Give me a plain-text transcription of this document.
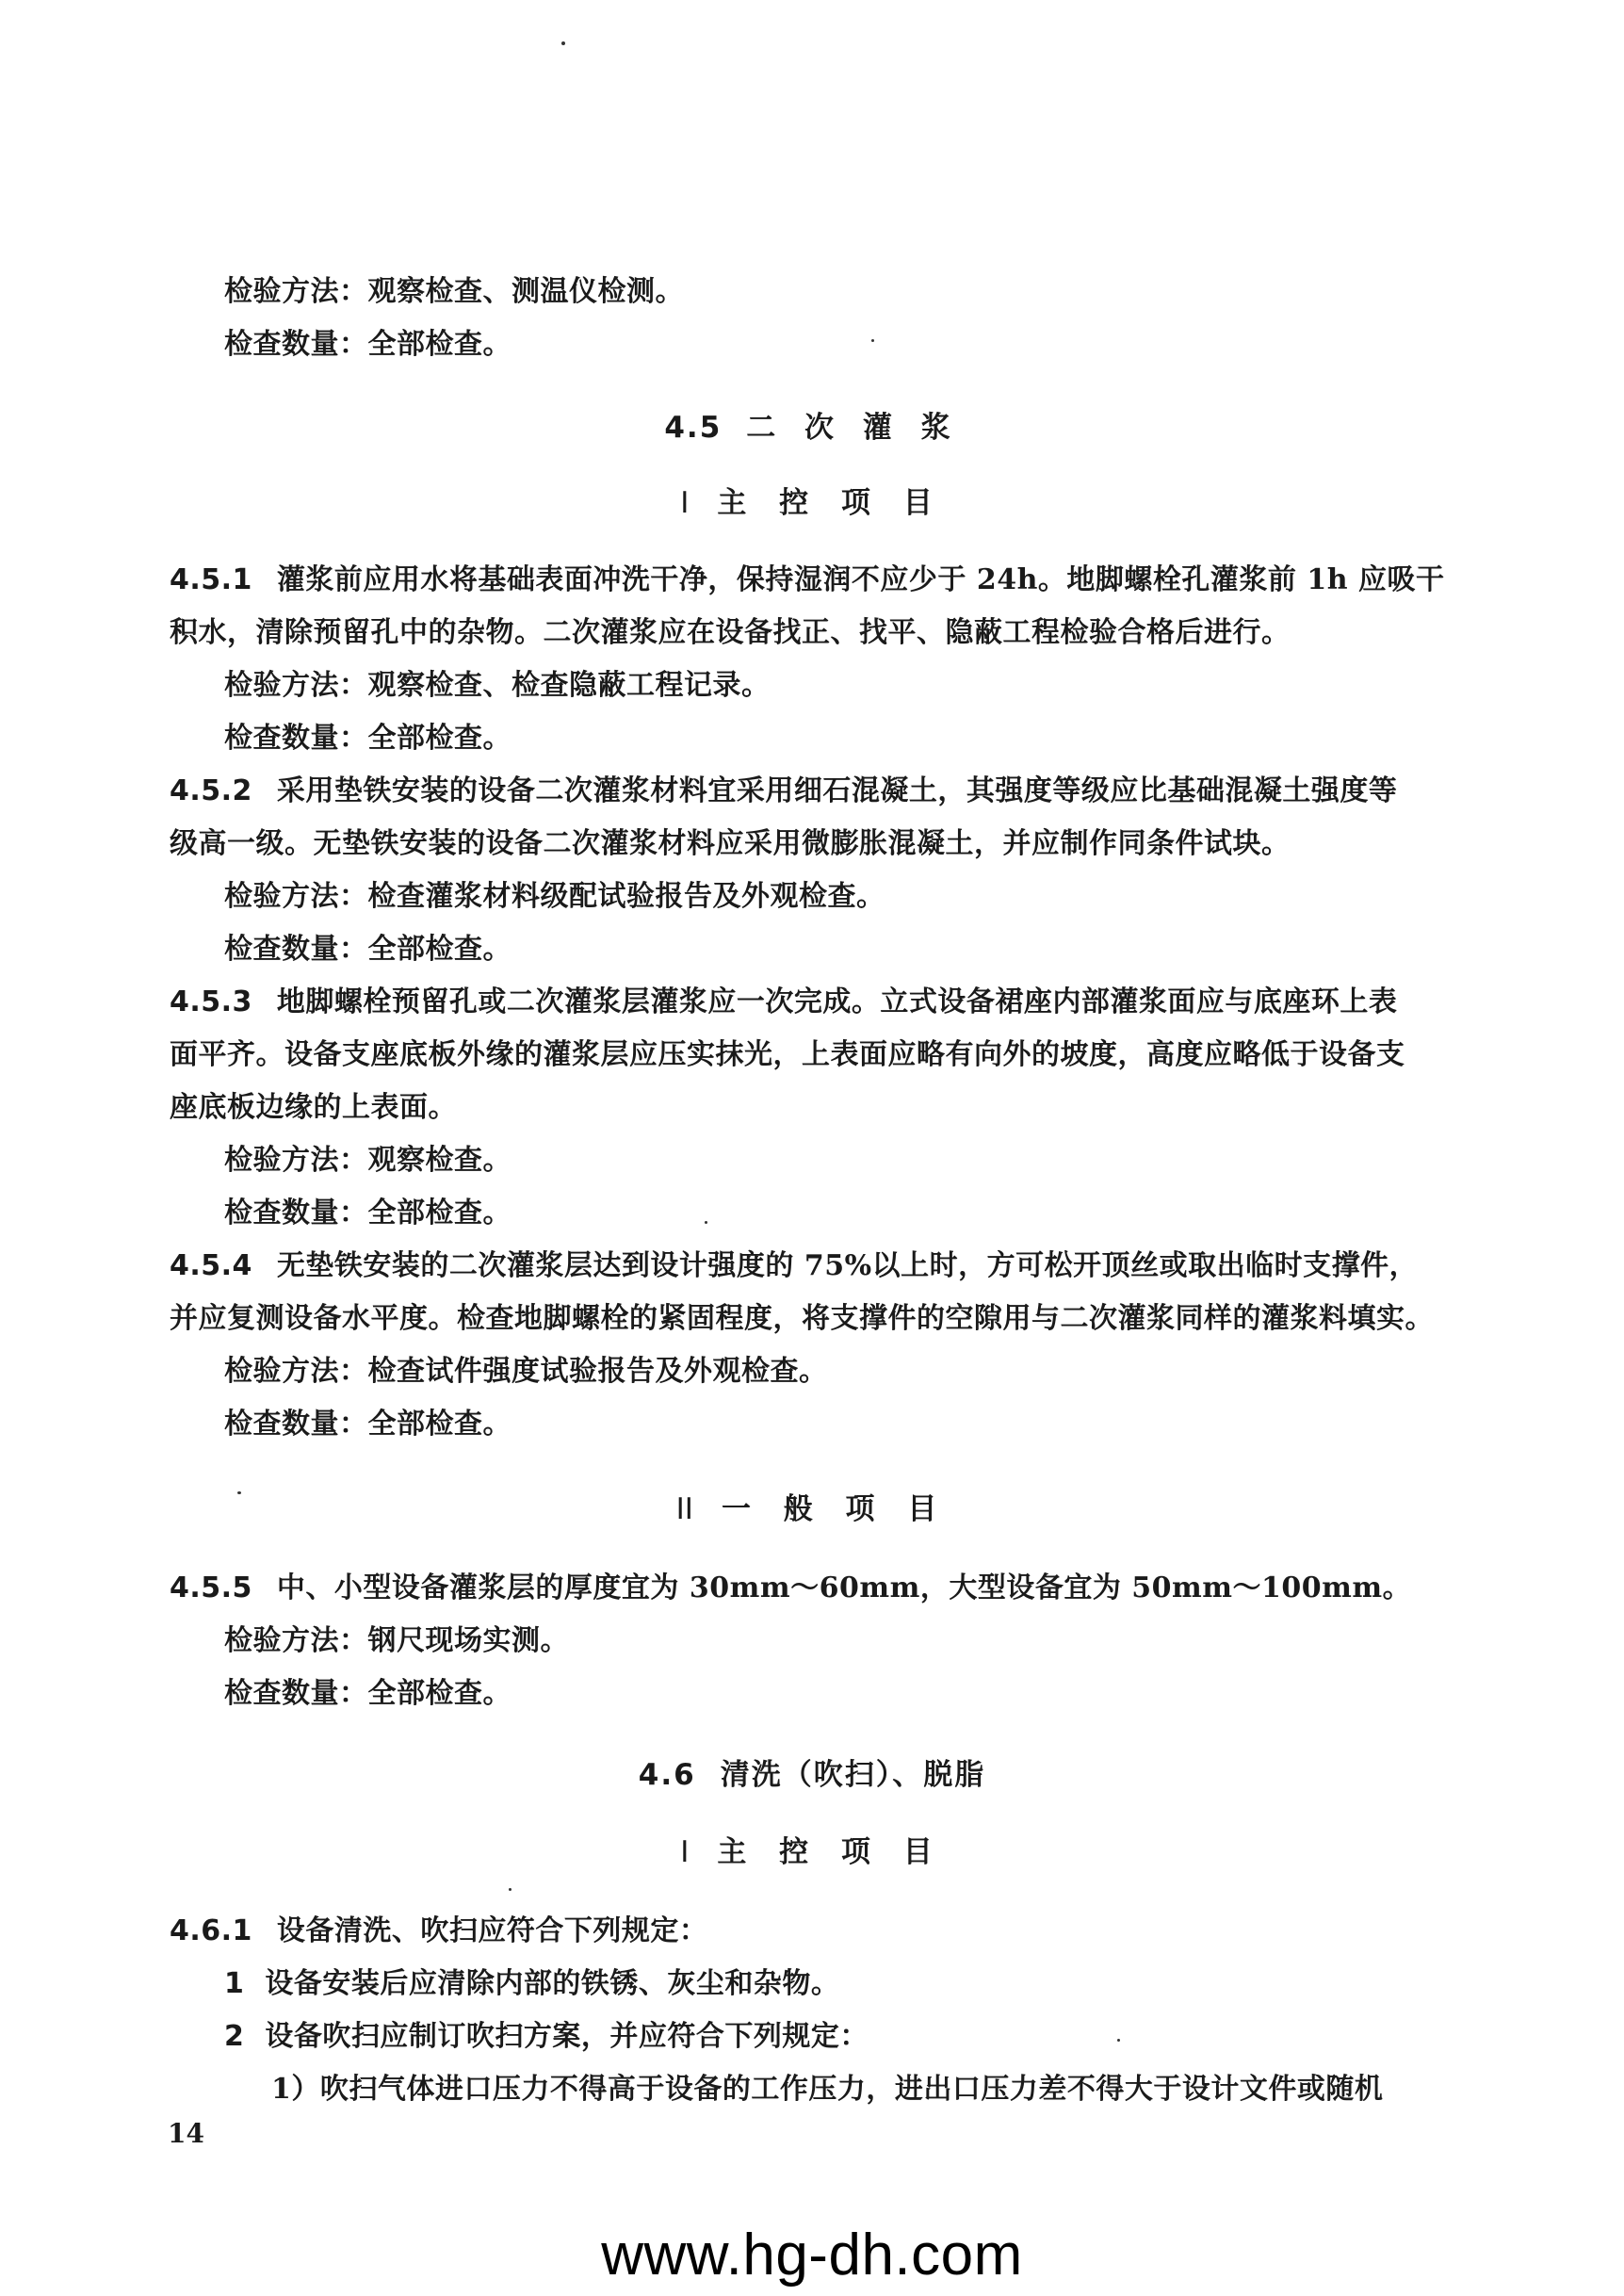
检验方法：观察检查、测温仪检测。
检查数量：全部检查。
4.5 二 次 灌 浆
I 主 控 项 目
4.5.1 灌浆前应用水将基础表面冲洗干净，保持湿润不应少于 24h。地脚螺栓孔灌浆前 1h 应吸干
积水，清除预留孔中的杂物。二次灌浆应在设备找正、找平、隐蔽工程检验合格后进行。
检验方法：观察检查、检查隐蔽工程记录。
检查数量：全部检查。
4.5.2 采用垫铁安装的设备二次灌浆材料宜采用细石混凝土，其强度等级应比基础混凝土强度等
级高一级。无垫铁安装的设备二次灌浆材料应采用微膨胀混凝土，并应制作同条件试块。
检验方法：检查灌浆材料级配试验报告及外观检查。
检查数量：全部检查。
4.5.3 地脚螺栓预留孔或二次灌浆层灌浆应一次完成。立式设备裙座内部灌浆面应与底座环上表
面平齐。设备支座底板外缘的灌浆层应压实抹光，上表面应略有向外的坡度，高度应略低于设备支
座底板边缘的上表面。
检验方法：观察检查。
检查数量：全部检查。
4.5.4 无垫铁安装的二次灌浆层达到设计强度的 75%以上时，方可松开顶丝或取出临时支撑件，
并应复测设备水平度。检查地脚螺栓的紧固程度，将支撑件的空隙用与二次灌浆同样的灌浆料填实。
检验方法：检查试件强度试验报告及外观检查。
检查数量：全部检查。
II 一 般 项 目
4.5.5 中、小型设备灌浆层的厚度宜为 30mm～60mm，大型设备宜为 50mm～100mm。
检验方法：钢尺现场实测。
检查数量：全部检查。
4.6 清洗（吹扫）、脱脂
I 主 控 项 目
4.6.1 设备清洗、吹扫应符合下列规定：
1 设备安装后应清除内部的铁锈、灰尘和杂物。
2 设备吹扫应制订吹扫方案，并应符合下列规定：
1）吹扫气体进口压力不得高于设备的工作压力，进出口压力差不得大于设计文件或随机
14
www.hg-dh.com
